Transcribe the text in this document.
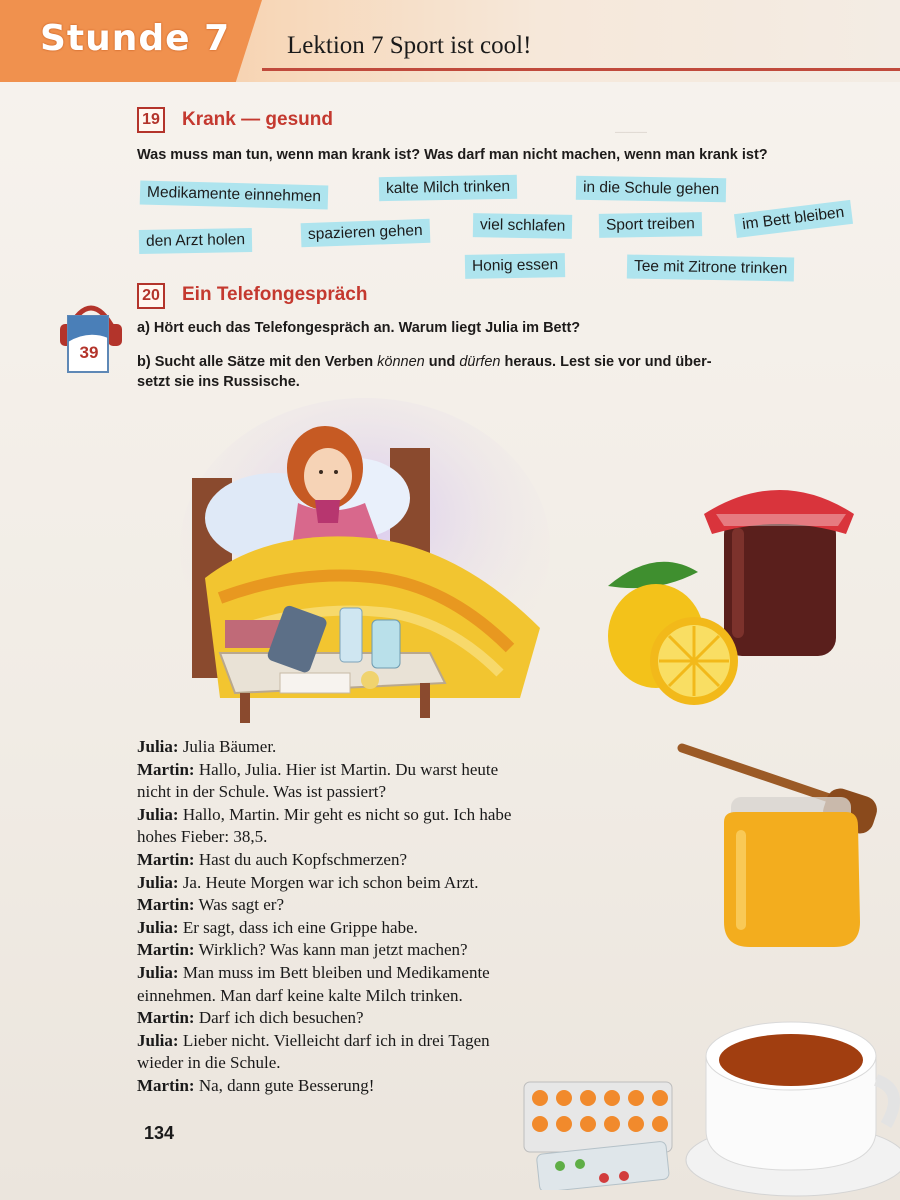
───
Stunde 7 Lektion 7 Sport ist cool!
19 Krank — gesund
Was muss man tun, wenn man krank ist? Was darf man nicht machen, wenn man krank ist?
Medikamente einnehmen	kalte Milch trinken	in die Schule gehen
den Arzt holen	spazieren gehen	viel schlafen	Sport treiben	im Bett bleiben
Honig essen	Tee mit Zitrone trinken
20 Ein Telefongespräch
39
a) Hört euch das Telefongespräch an. Warum liegt Julia im Bett?
b) Sucht alle Sätze mit den Verben können und dürfen heraus. Lest sie vor und über-
setzt sie ins Russische.
Julia: Julia Bäumer.
Martin: Hallo, Julia. Hier ist Martin. Du warst heute
nicht in der Schule. Was ist passiert?
Julia: Hallo, Martin. Mir geht es nicht so gut. Ich habe
hohes Fieber: 38,5.
Martin: Hast du auch Kopfschmerzen?
Julia: Ja. Heute Morgen war ich schon beim Arzt.
Martin: Was sagt er?
Julia: Er sagt, dass ich eine Grippe habe.
Martin: Wirklich? Was kann man jetzt machen?
Julia: Man muss im Bett bleiben und Medikamente
einnehmen. Man darf keine kalte Milch trinken.
Martin: Darf ich dich besuchen?
Julia: Lieber nicht. Vielleicht darf ich in drei Tagen
wieder in die Schule.
Martin: Na, dann gute Besserung!
134
